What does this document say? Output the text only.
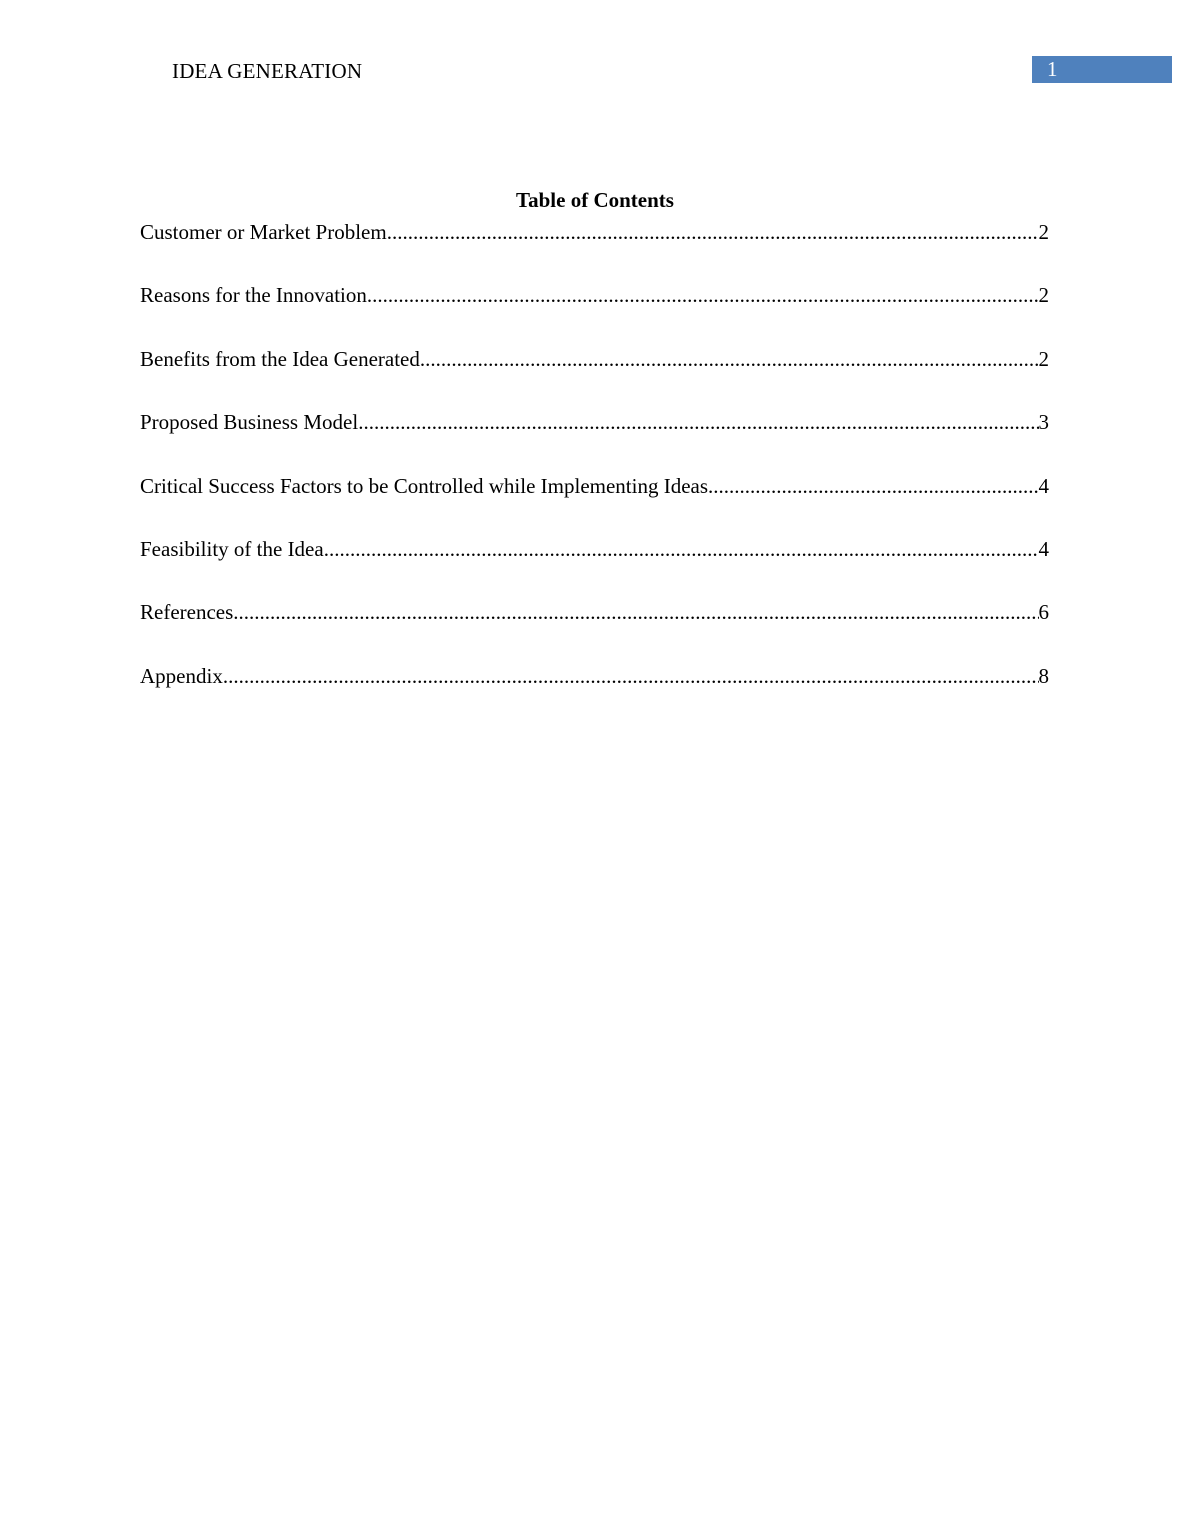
IDEA GENERATION	1
Table of Contents
Customer or Market Problem .....	2
Reasons for the Innovation .....	2
Benefits from the Idea Generated .....	2
Proposed Business Model .....	3
Critical Success Factors to be Controlled while Implementing Ideas .....	4
Feasibility of the Idea .....	4
References .....	6
Appendix .....	8
